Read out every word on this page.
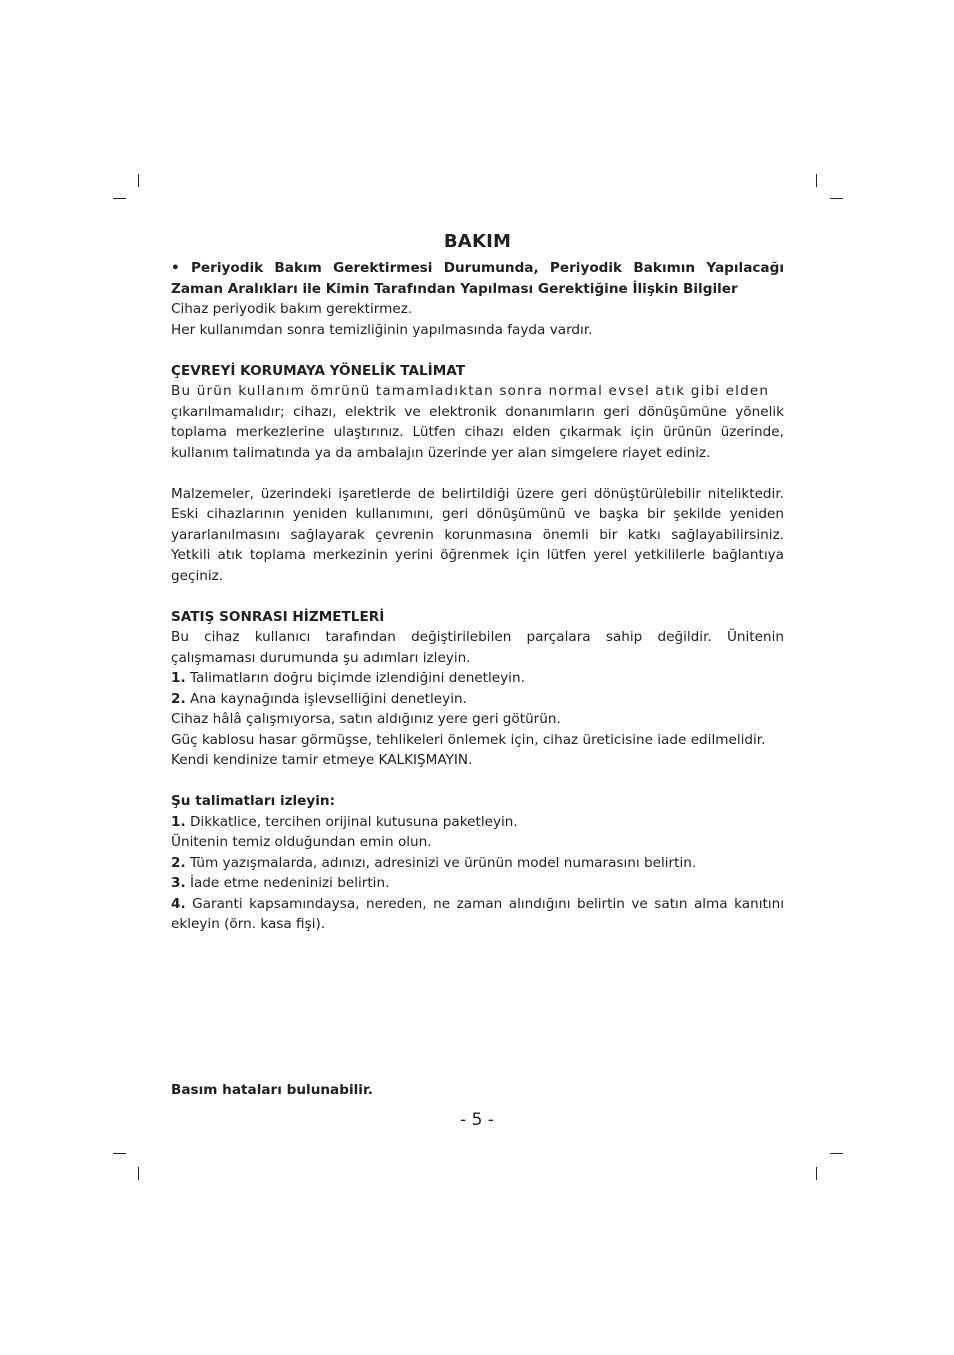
BAKIM

• Periyodik Bakım Gerektirmesi Durumunda, Periyodik Bakımın Yapılacağı Zaman Aralıkları ile Kimin Tarafından Yapılması Gerektiğine İlişkin Bilgiler

Cihaz periyodik bakım gerektirmez.

Her kullanımdan sonra temizliğinin yapılmasında fayda vardır.

ÇEVREYİ KORUMAYA YÖNELİK TALİMAT

Bu ürün kullanım ömrünü tamamladıktan sonra normal evsel atık gibi elden

çıkarılmamalıdır; cihazı, elektrik ve elektronik donanımların geri dönüşümüne yönelik toplama merkezlerine ulaştırınız. Lütfen cihazı elden çıkarmak için ürünün üzerinde, kullanım talimatında ya da ambalajın üzerinde yer alan simgelere riayet ediniz.

Malzemeler, üzerindeki işaretlerde de belirtildiği üzere geri dönüştürülebilir niteliktedir. Eski cihazlarının yeniden kullanımını, geri dönüşümünü ve başka bir şekilde yeniden yararlanılmasını sağlayarak çevrenin korunmasına önemli bir katkı sağlayabilirsiniz. Yetkili atık toplama merkezinin yerini öğrenmek için lütfen yerel yetkililerle bağlantıya geçiniz.

SATIŞ SONRASI HİZMETLERİ

Bu cihaz kullanıcı tarafından değiştirilebilen parçalara sahip değildir. Ünitenin çalışmaması durumunda şu adımları izleyin.

1. Talimatların doğru biçimde izlendiğini denetleyin.

2. Ana kaynağında işlevselliğini denetleyin.

Cihaz hâlâ çalışmıyorsa, satın aldığınız yere geri götürün.

Güç kablosu hasar görmüşse, tehlikeleri önlemek için, cihaz üreticisine iade edilmelidir.

Kendi kendinize tamir etmeye KALKIŞMAYIN.

Şu talimatları izleyin:

1. Dikkatlice, tercihen orijinal kutusuna paketleyin.

Ünitenin temiz olduğundan emin olun.

2. Tüm yazışmalarda, adınızı, adresinizi ve ürünün model numarasını belirtin.

3. İade etme nedeninizi belirtin.

4. Garanti kapsamındaysa, nereden, ne zaman alındığını belirtin ve satın alma kanıtını ekleyin (örn. kasa fişi).

Basım hataları bulunabilir.
- 5 -
